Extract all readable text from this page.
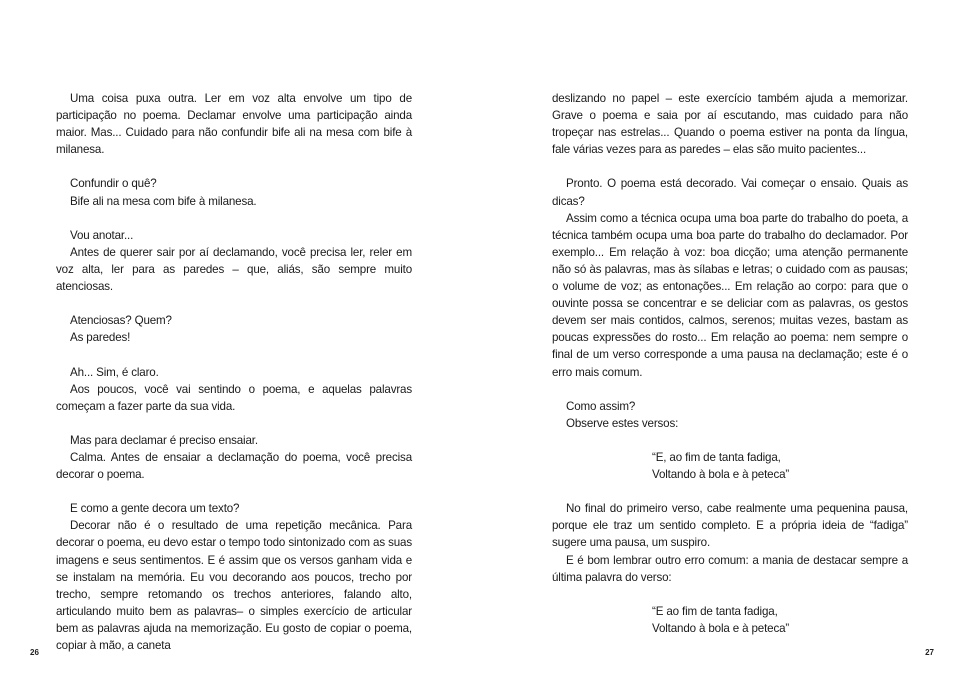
Uma coisa puxa outra. Ler em voz alta envolve um tipo de participação no poema. Declamar envolve uma participação ainda maior. Mas... Cuidado para não confundir bife ali na mesa com bife à milanesa.

Confundir o quê?

Bife ali na mesa com bife à milanesa.

Vou anotar...

Antes de querer sair por aí declamando, você precisa ler, reler em voz alta, ler para as paredes – que, aliás, são sempre muito atenciosas.

Atenciosas? Quem?

As paredes!

Ah... Sim, é claro.

Aos poucos, você vai sentindo o poema, e aquelas palavras começam a fazer parte da sua vida.

Mas para declamar é preciso ensaiar.

Calma. Antes de ensaiar a declamação do poema, você precisa decorar o poema.

E como a gente decora um texto?

Decorar não é o resultado de uma repetição mecânica. Para decorar o poema, eu devo estar o tempo todo sintonizado com as suas imagens e seus sentimentos. E é assim que os versos ganham vida e se instalam na memória. Eu vou decorando aos poucos, trecho por trecho, sempre retomando os trechos anteriores, falando alto, articulando muito bem as palavras– o simples exercício de articular bem as palavras ajuda na memorização. Eu gosto de copiar o poema, copiar à mão, a caneta

26

deslizando no papel – este exercício também ajuda a memorizar. Grave o poema e saia por aí escutando, mas cuidado para não tropeçar nas estrelas... Quando o poema estiver na ponta da língua, fale várias vezes para as paredes – elas são muito pacientes...

Pronto. O poema está decorado. Vai começar o ensaio. Quais as dicas?

Assim como a técnica ocupa uma boa parte do trabalho do poeta, a técnica também ocupa uma boa parte do trabalho do declamador. Por exemplo... Em relação à voz: boa dicção; uma atenção permanente não só às palavras, mas às sílabas e letras; o cuidado com as pausas; o volume de voz; as entonações... Em relação ao corpo: para que o ouvinte possa se concentrar e se deliciar com as palavras, os gestos devem ser mais contidos, calmos, serenos; muitas vezes, bastam as poucas expressões do rosto... Em relação ao poema: nem sempre o final de um verso corresponde a uma pausa na declamação; este é o erro mais comum.

Como assim?

Observe estes versos:

“E, ao fim de tanta fadiga,

Voltando à bola e à peteca”

No final do primeiro verso, cabe realmente uma pequenina pausa, porque ele traz um sentido completo. E a própria ideia de “fadiga” sugere uma pausa, um suspiro.

E é bom lembrar outro erro comum: a mania de destacar sempre a última palavra do verso:

“E ao fim de tanta fadiga,

Voltando à bola e à peteca”

27
